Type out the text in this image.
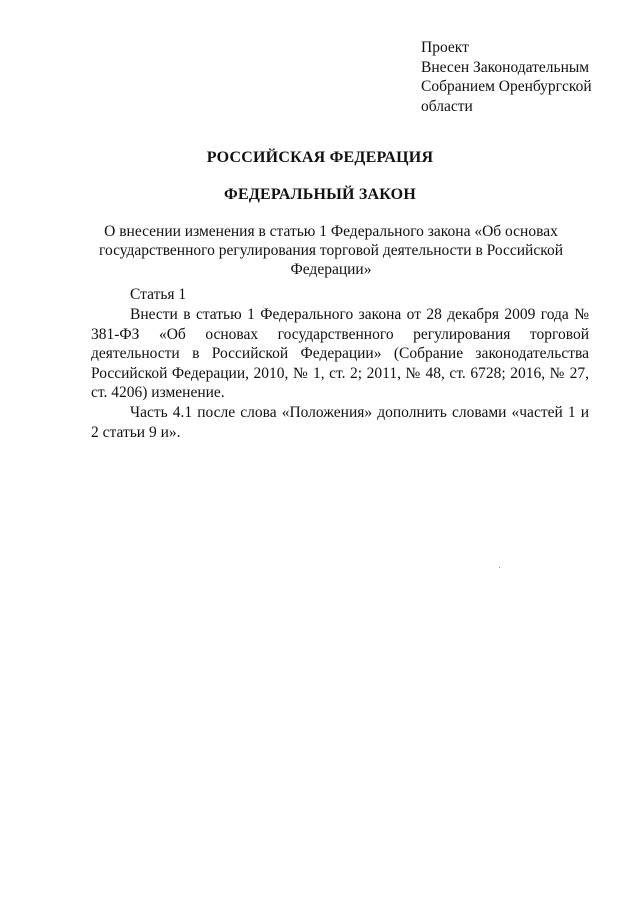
Проект
Внесен Законодательным
Собранием Оренбургской
области
РОССИЙСКАЯ ФЕДЕРАЦИЯ
ФЕДЕРАЛЬНЫЙ ЗАКОН
О внесении изменения в статью 1 Федерального закона «Об основах государственного регулирования торговой деятельности в Российской Федерации»
Статья 1

Внести в статью 1 Федерального закона от 28 декабря 2009 года № 381-ФЗ «Об основах государственного регулирования торговой деятельности в Российской Федерации» (Собрание законодательства Российской Федерации, 2010, № 1, ст. 2; 2011, № 48, ст. 6728; 2016, № 27, ст. 4206) изменение.

Часть 4.1 после слова «Положения» дополнить словами «частей 1 и 2 статьи 9 и».
